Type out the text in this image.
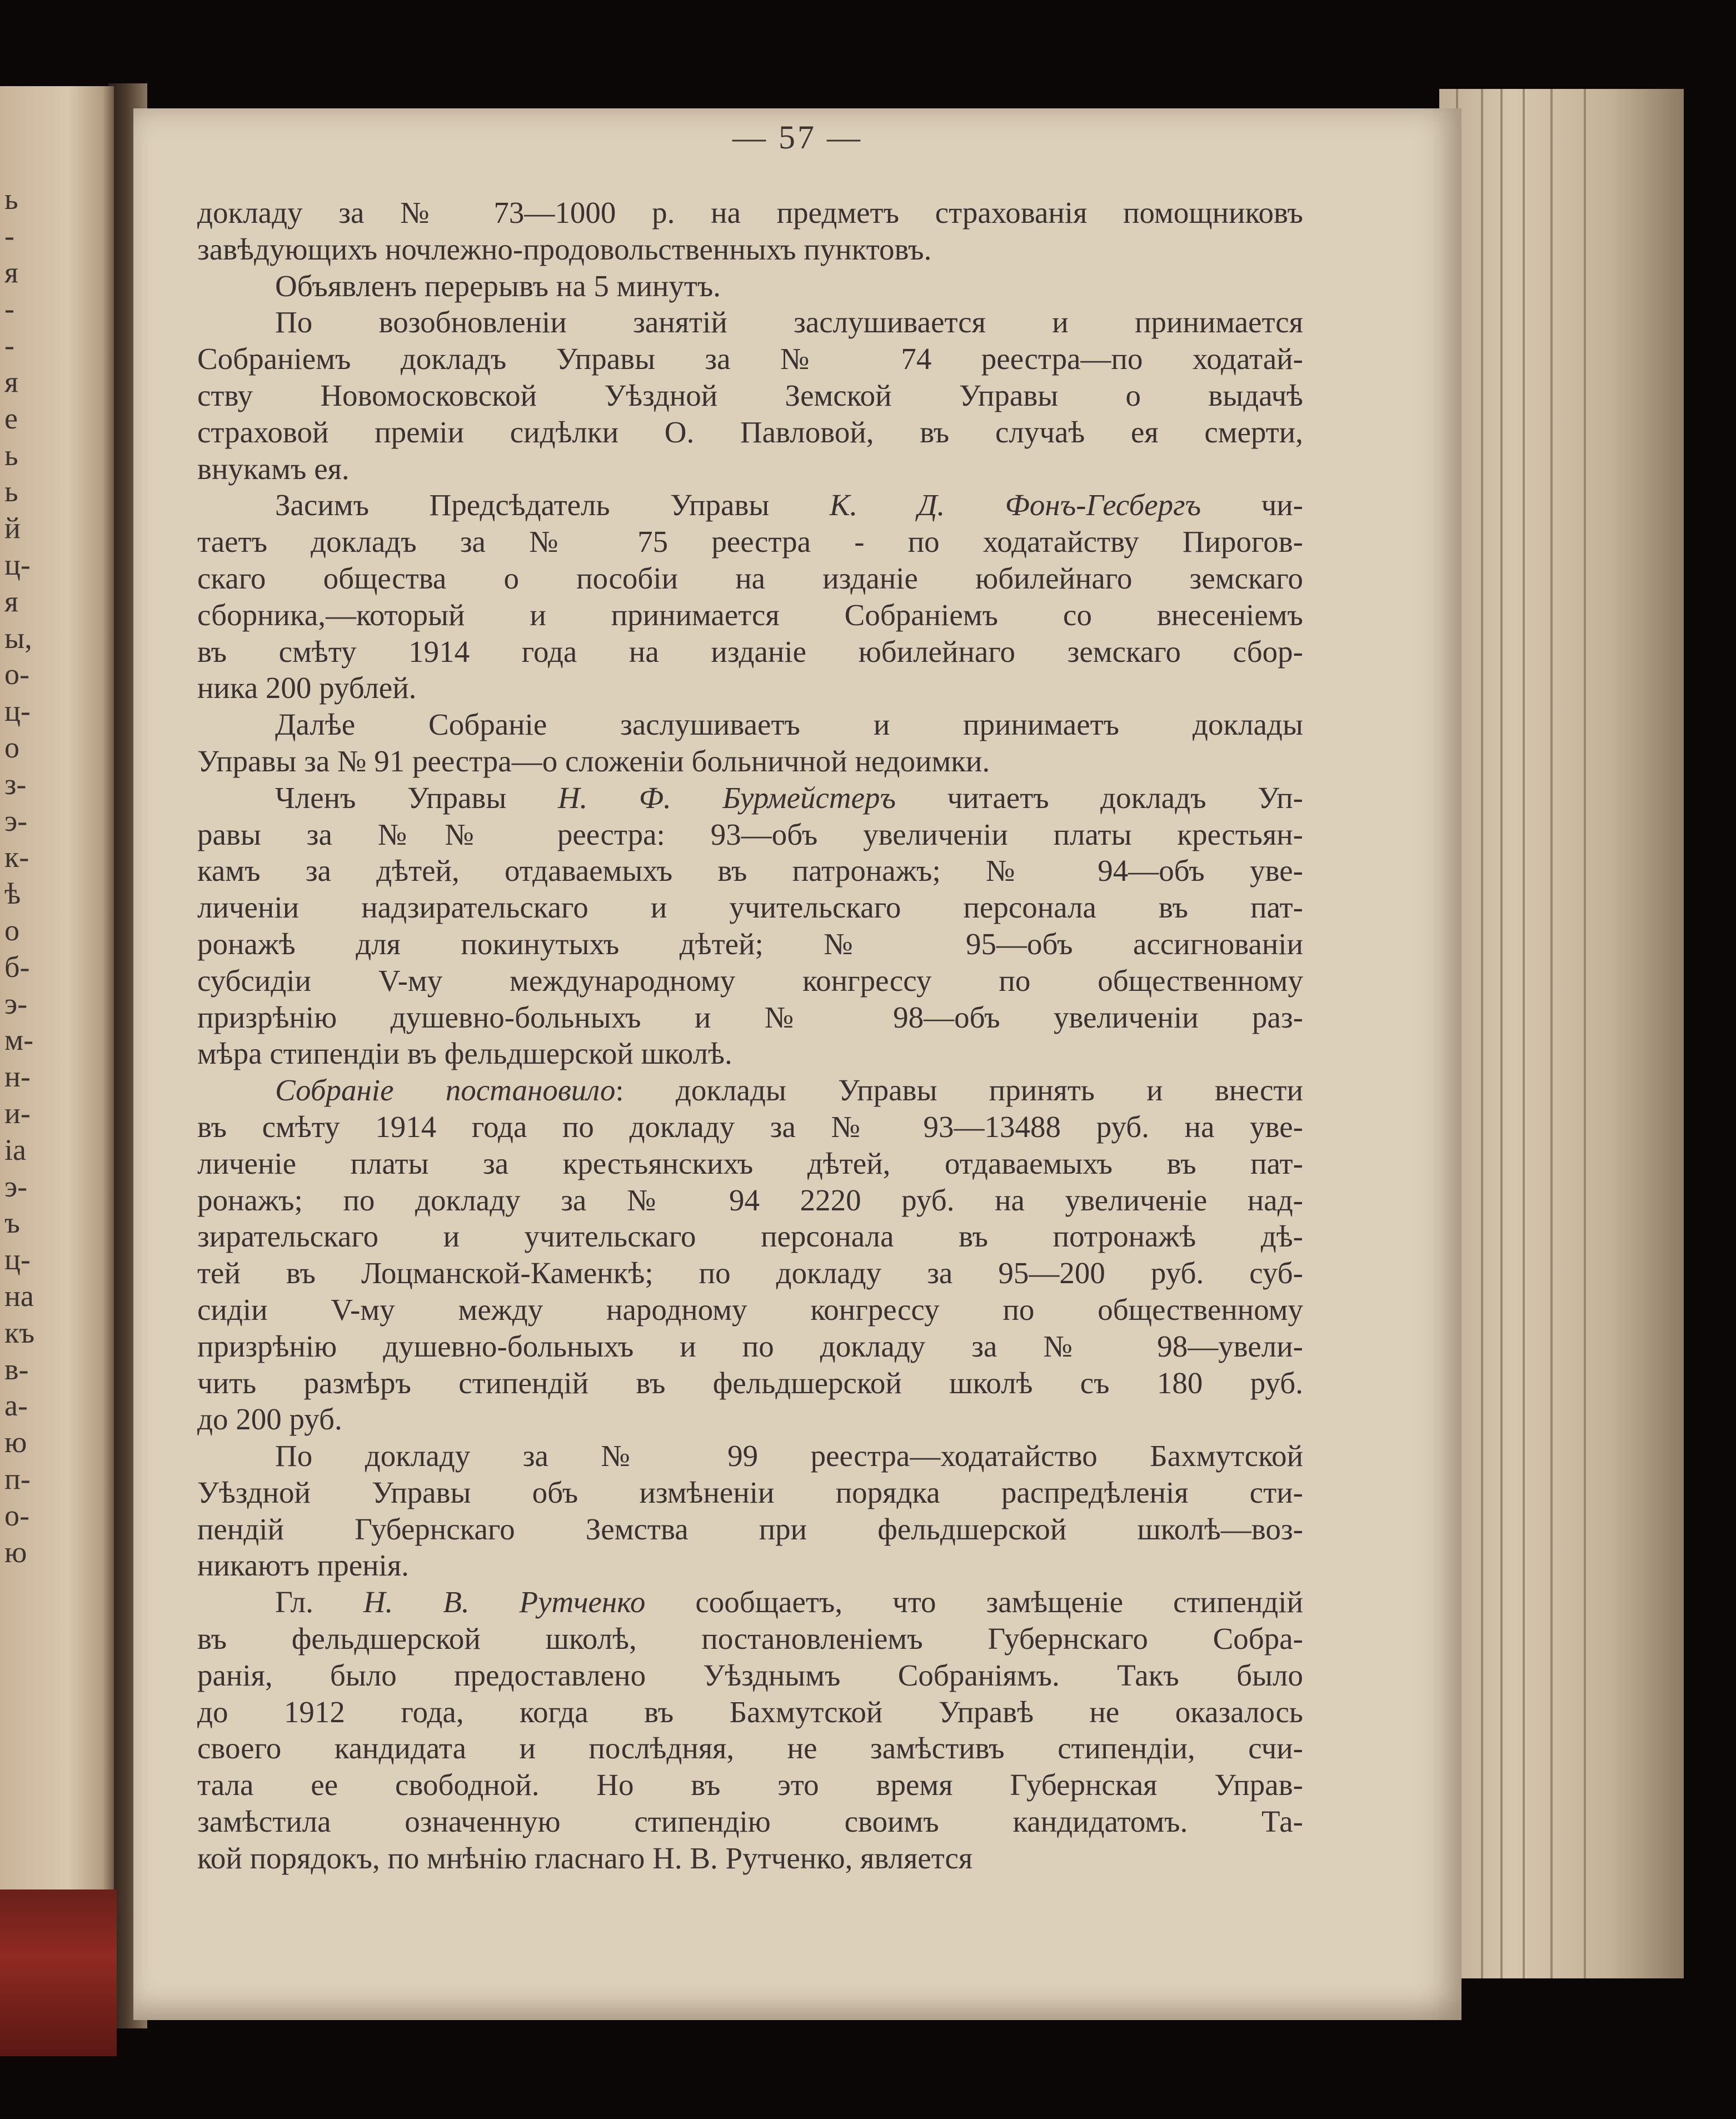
ь
-
я
-
-
я
е
ь
ь
й
ц-
я
ы,
о-
ц-
о
з-
э-
к-
ѣ
о
б-
э-
м-
н-
и-
ia
э-
ъ
ц-
на
къ
в-
а-
ю
п-
о-
ю
— 57 —
докладу за № 73—1000 р. на предметъ страхованія помощниковъ
завѣдующихъ ночлежно-продовольственныхъ пунктовъ.
Объявленъ перерывъ на 5 минутъ.
По возобновленіи занятій заслушивается и принимается
Собраніемъ докладъ Управы за № 74 реестра—по ходатай-
ству Новомосковской Уѣздной Земской Управы о выдачѣ
страховой преміи сидѣлки О. Павловой, въ случаѣ ея смерти,
внукамъ ея.
Засимъ Предсѣдатель Управы К. Д. Фонъ-Гесбергъ чи-
таетъ докладъ за № 75 реестра - по ходатайству Пирогов-
скаго общества о пособіи на изданіе юбилейнаго земскаго
сборника,—который и принимается Собраніемъ со внесеніемъ
въ смѣту 1914 года на изданіе юбилейнаго земскаго сбор-
ника 200 рублей.
Далѣе Собраніе заслушиваетъ и принимаетъ доклады
Управы за № 91 реестра—о сложеніи больничной недоимки.
Членъ Управы Н. Ф. Бурмейстеръ читаетъ докладъ Уп-
равы за №№ реестра: 93—объ увеличеніи платы крестьян-
камъ за дѣтей, отдаваемыхъ въ патронажъ; № 94—объ уве-
личеніи надзирательскаго и учительскаго персонала въ пат-
ронажѣ для покинутыхъ дѣтей; № 95—объ ассигнованіи
субсидіи V-му международному конгрессу по общественному
призрѣнію душевно-больныхъ и № 98—объ увеличеніи раз-
мѣра стипендіи въ фельдшерской школѣ.
Собраніе постановило: доклады Управы принять и внести
въ смѣту 1914 года по докладу за № 93—13488 руб. на уве-
личеніе платы за крестьянскихъ дѣтей, отдаваемыхъ въ пат-
ронажъ; по докладу за № 94 2220 руб. на увеличеніе над-
зирательскаго и учительскаго персонала въ потронажѣ дѣ-
тей въ Лоцманской-Каменкѣ; по докладу за 95—200 руб. суб-
сидіи V-му между народному конгрессу по общественному
призрѣнію душевно-больныхъ и по докладу за № 98—увели-
чить размѣръ стипендій въ фельдшерской школѣ съ 180 руб.
до 200 руб.
По докладу за № 99 реестра—ходатайство Бахмутской
Уѣздной Управы объ измѣненіи порядка распредѣленія сти-
пендій Губернскаго Земства при фельдшерской школѣ—воз-
никаютъ пренія.
Гл. Н. В. Рутченко сообщаетъ, что замѣщеніе стипендій
въ фельдшерской школѣ, постановленіемъ Губернскаго Собра-
ранія, было предоставлено Уѣзднымъ Собраніямъ. Такъ было
до 1912 года, когда въ Бахмутской Управѣ не оказалось
своего кандидата и послѣдняя, не замѣстивъ стипендіи, счи-
тала ее свободной. Но въ это время Губернская Управ-
замѣстила означенную стипендію своимъ кандидатомъ. Та-
кой порядокъ, по мнѣнію гласнаго Н. В. Рутченко, является
